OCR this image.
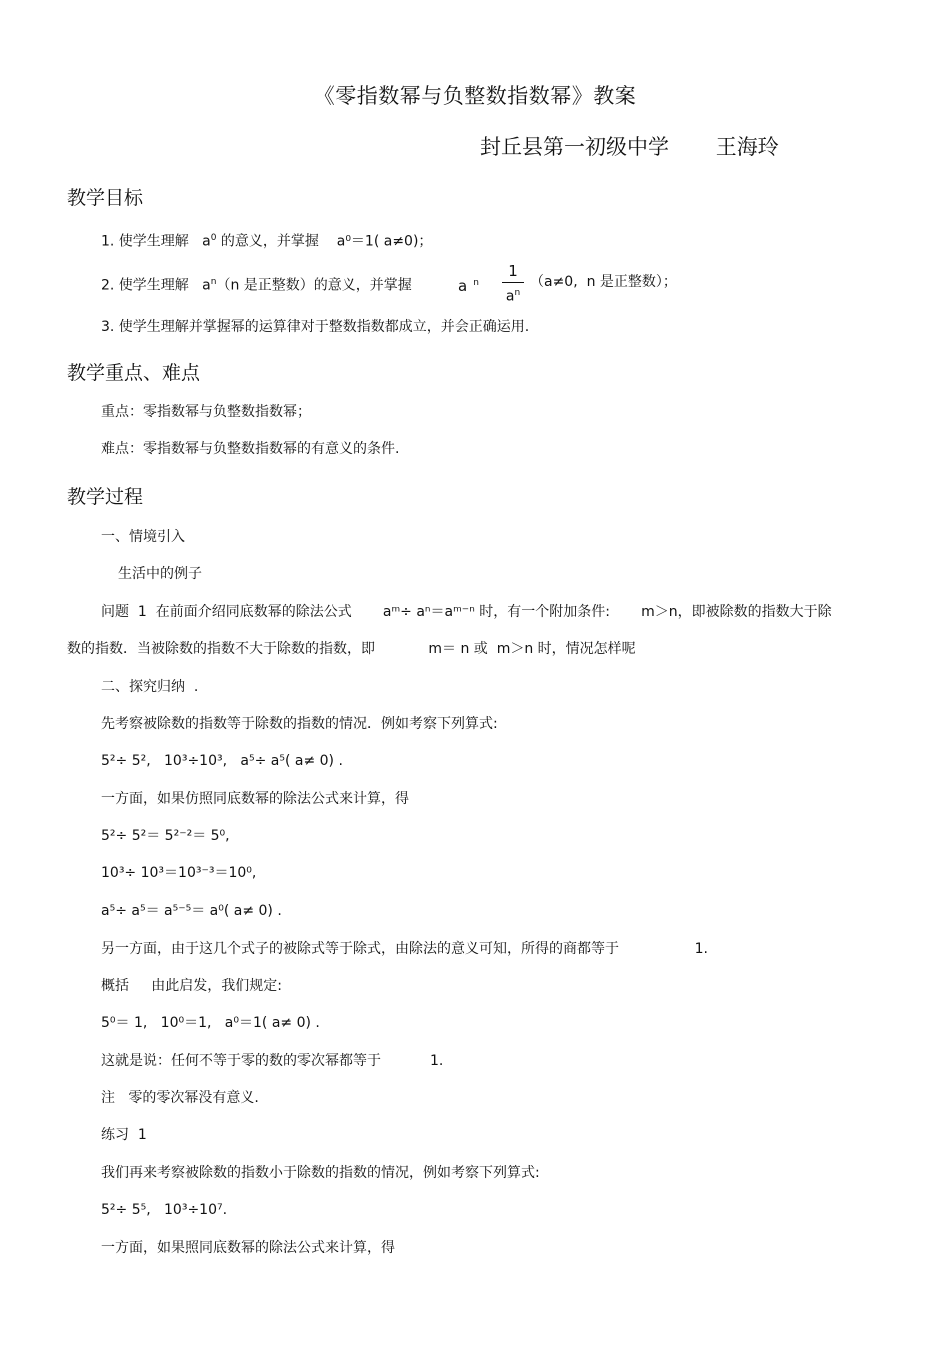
《零指数幂与负整数指数幂》教案
封丘县第一初级中学       王海玲
教学目标
1. 使学生理解   $a^0$ 的意义，并掌握    a⁰＝1( a≠0)；
2. 使学生理解   $a^n(n$ 是正整数）的意义，并掌握	a $^n$
1
$a^n$
（a≠0,  n 是正整数）；
3. 使学生理解并掌握幂的运算律对于整数指数都成立，并会正确运用.
教学重点、难点
重点：零指数幂与负整数指数幂；
难点：零指数幂与负整数指数幂的有意义的条件.
教学过程
一、情境引入
生活中的例子
问题  1  在前面介绍同底数幂的除法公式       aᵐ÷ aⁿ＝aᵐ⁻ⁿ 时，有一个附加条件:       m＞n，即被除数的指数大于除
数的指数．当被除数的指数不大于除数的指数，即            m＝ n 或  m＞n 时，情况怎样呢
二、探究归纳  .
先考察被除数的指数等于除数的指数的情况．例如考察下列算式:
5²÷ 5²,   10³÷10³,   a⁵÷ a⁵( a≠ 0) .
一方面，如果仿照同底数幂的除法公式来计算，得
5²÷ 5²＝ 5²⁻²＝ 5⁰,
10³÷ 10³＝10³⁻³＝10⁰,
a⁵÷ a⁵＝ a⁵⁻⁵＝ a⁰( a≠ 0) .
另一方面，由于这几个式子的被除式等于除式，由除法的意义可知，所得的商都等于                 1.
概括     由此启发，我们规定:
5⁰＝ 1,   10⁰＝1,   a⁰＝1( a≠ 0) .
这就是说：任何不等于零的数的零次幂都等于           1.
注   零的零次幂没有意义.
练习  1
我们再来考察被除数的指数小于除数的指数的情况，例如考察下列算式:
5²÷ 5⁵,   10³÷10⁷.
一方面，如果照同底数幂的除法公式来计算，得
